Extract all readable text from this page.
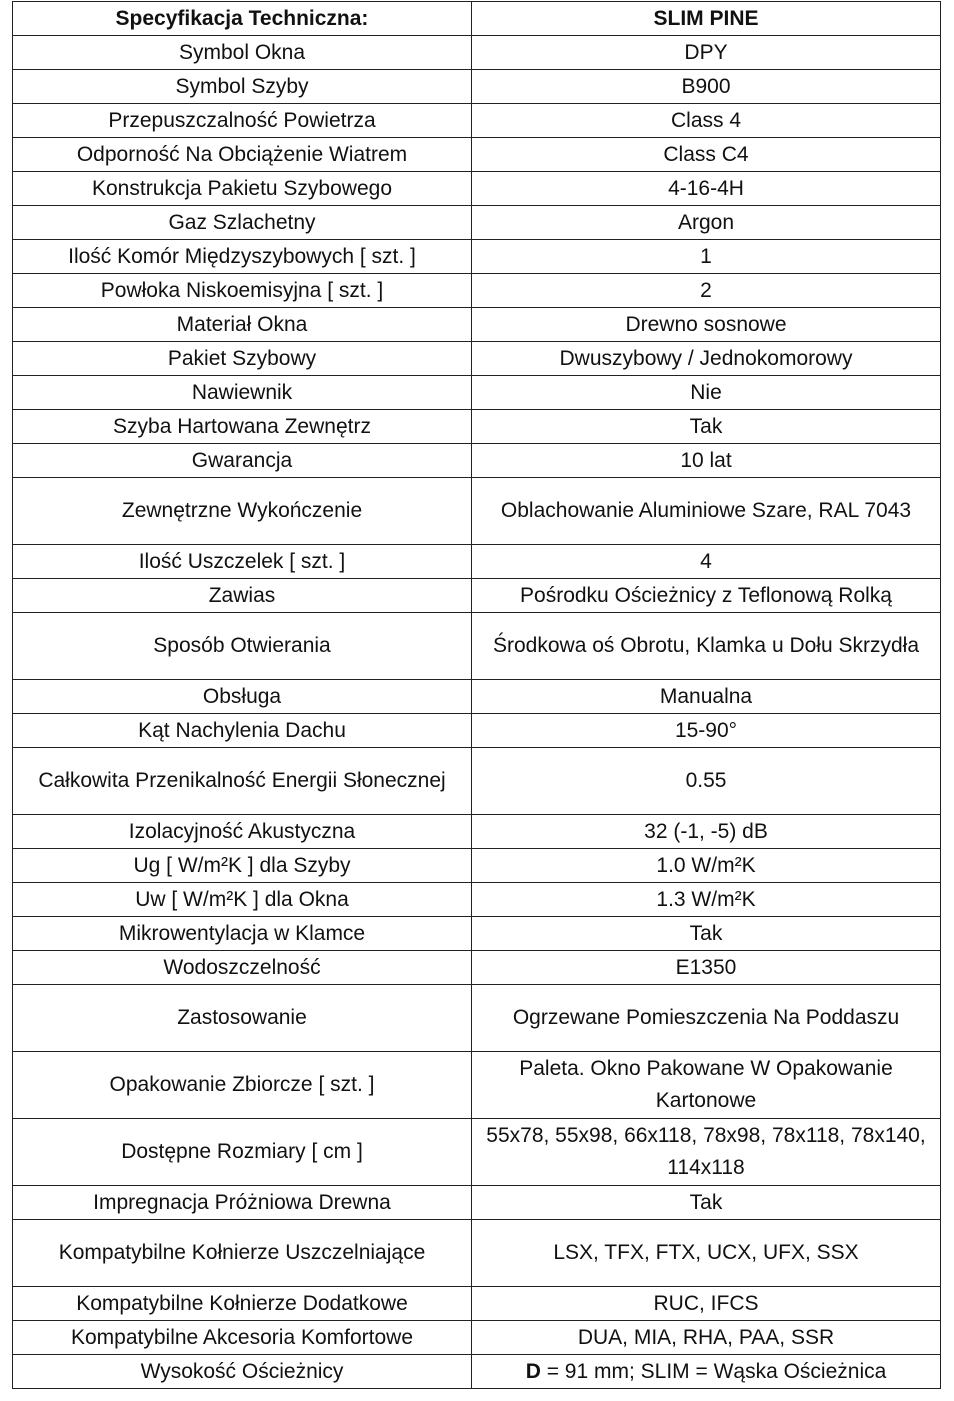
Specyfikacja Techniczna:	SLIM PINE
Symbol Okna	DPY
Symbol Szyby	B900
Przepuszczalność Powietrza	Class 4
Odporność Na Obciążenie Wiatrem	Class C4
Konstrukcja Pakietu Szybowego	4-16-4H
Gaz Szlachetny	Argon
Ilość Komór Międzyszybowych [ szt. ]	1
Powłoka Niskoemisyjna [ szt. ]	2
Materiał Okna	Drewno sosnowe
Pakiet Szybowy	Dwuszybowy / Jednokomorowy
Nawiewnik	Nie
Szyba Hartowana Zewnętrz	Tak
Gwarancja	10 lat
Zewnętrzne Wykończenie	Oblachowanie Aluminiowe Szare, RAL 7043
Ilość Uszczelek [ szt. ]	4
Zawias	Pośrodku Ościeżnicy z Teflonową Rolką
Sposób Otwierania	Środkowa oś Obrotu, Klamka u Dołu Skrzydła
Obsługa	Manualna
Kąt Nachylenia Dachu	15-90°
Całkowita Przenikalność Energii Słonecznej	0.55
Izolacyjność Akustyczna	32 (-1, -5) dB
Ug [ W/m²K ] dla Szyby	1.0 W/m²K
Uw [ W/m²K ] dla Okna	1.3 W/m²K
Mikrowentylacja w Klamce	Tak
Wodoszczelność	E1350
Zastosowanie	Ogrzewane Pomieszczenia Na Poddaszu
Opakowanie Zbiorcze [ szt. ]	Paleta. Okno Pakowane W Opakowanie Kartonowe
Dostępne Rozmiary [ cm ]	55x78, 55x98, 66x118, 78x98, 78x118, 78x140, 114x118
Impregnacja Próżniowa Drewna	Tak
Kompatybilne Kołnierze Uszczelniające	LSX, TFX, FTX, UCX, UFX, SSX
Kompatybilne Kołnierze Dodatkowe	RUC, IFCS
Kompatybilne Akcesoria Komfortowe	DUA, MIA, RHA, PAA, SSR
Wysokość Ościeżnicy	D = 91 mm; SLIM = Wąska Ościeżnica
